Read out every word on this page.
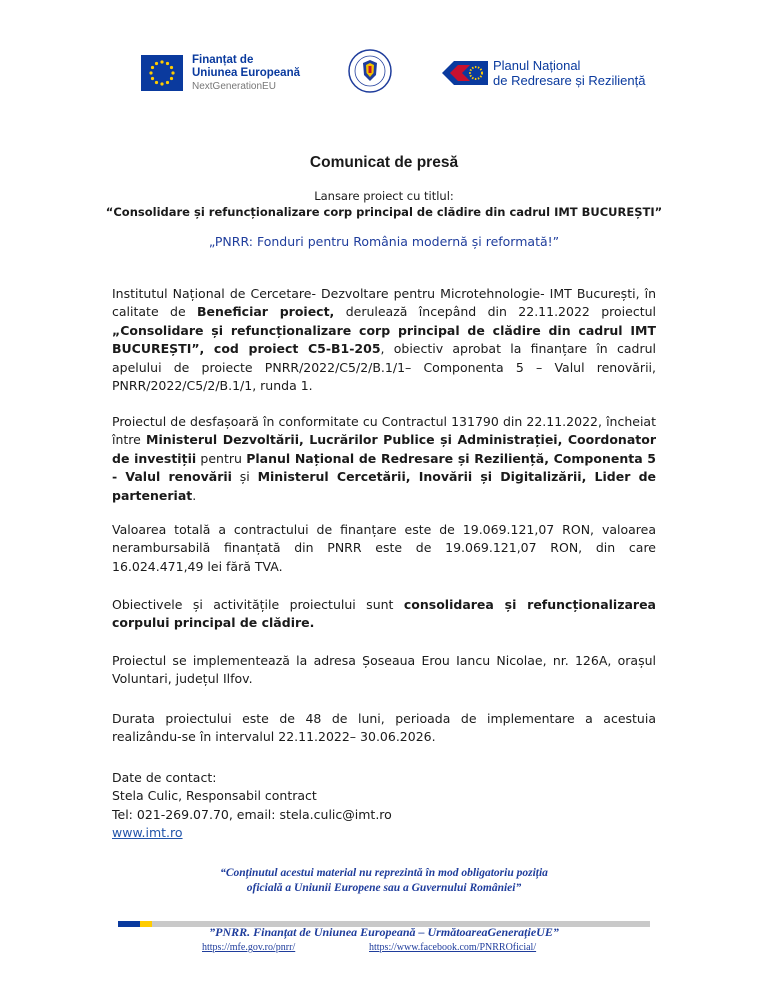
Finanțat de
Uniunea Europeană
NextGenerationEU
Planul Național
de Redresare și Reziliență
Comunicat de presă
Lansare proiect cu titlul:
“Consolidare și refuncționalizare corp principal de clădire din cadrul IMT BUCUREȘTI”
„PNRR: Fonduri pentru România modernă și reformată!”
Institutul Național de Cercetare- Dezvoltare pentru Microtehnologie- IMT București, în calitate de Beneficiar proiect, derulează începând din 22.11.2022 proiectul „Consolidare și refuncționalizare corp principal de clădire din cadrul IMT BUCUREȘTI”, cod proiect C5-B1-205, obiectiv aprobat la finanțare în cadrul apelului de proiecte PNRR/2022/C5/2/B.1/1– Componenta 5 – Valul renovării, PNRR/2022/C5/2/B.1/1, runda 1.
Proiectul de desfașoară în conformitate cu Contractul 131790 din 22.11.2022, încheiat între Ministerul Dezvoltării, Lucrărilor Publice și Administrației, Coordonator de investiții pentru Planul Național de Redresare și Reziliență, Componenta 5 - Valul renovării și Ministerul Cercetării, Inovării și Digitalizării, Lider de parteneriat.
Valoarea totală a contractului de finanțare este de 19.069.121,07 RON, valoarea nerambursabilă finanțată din PNRR este de 19.069.121,07 RON, din care 16.024.471,49 lei fără TVA.
Obiectivele și activitățile proiectului sunt consolidarea și refuncționalizarea corpului principal de clădire.
Proiectul se implementează la adresa Șoseaua Erou Iancu Nicolae, nr. 126A, orașul Voluntari, județul Ilfov.
Durata proiectului este de 48 de luni, perioada de implementare a acestuia realizându-se în intervalul 22.11.2022– 30.06.2026.
Date de contact:
Stela Culic, Responsabil contract
Tel: 021-269.07.70, email: stela.culic@imt.ro
www.imt.ro
“Conținutul acestui material nu reprezintă în mod obligatoriu poziția
oficială a Uniunii Europene sau a Guvernului României”
”PNRR. Finanțat de Uniunea Europeană – UrmătoareaGenerațieUE”
https://mfe.gov.ro/pnrr/	https://www.facebook.com/PNRROficial/
